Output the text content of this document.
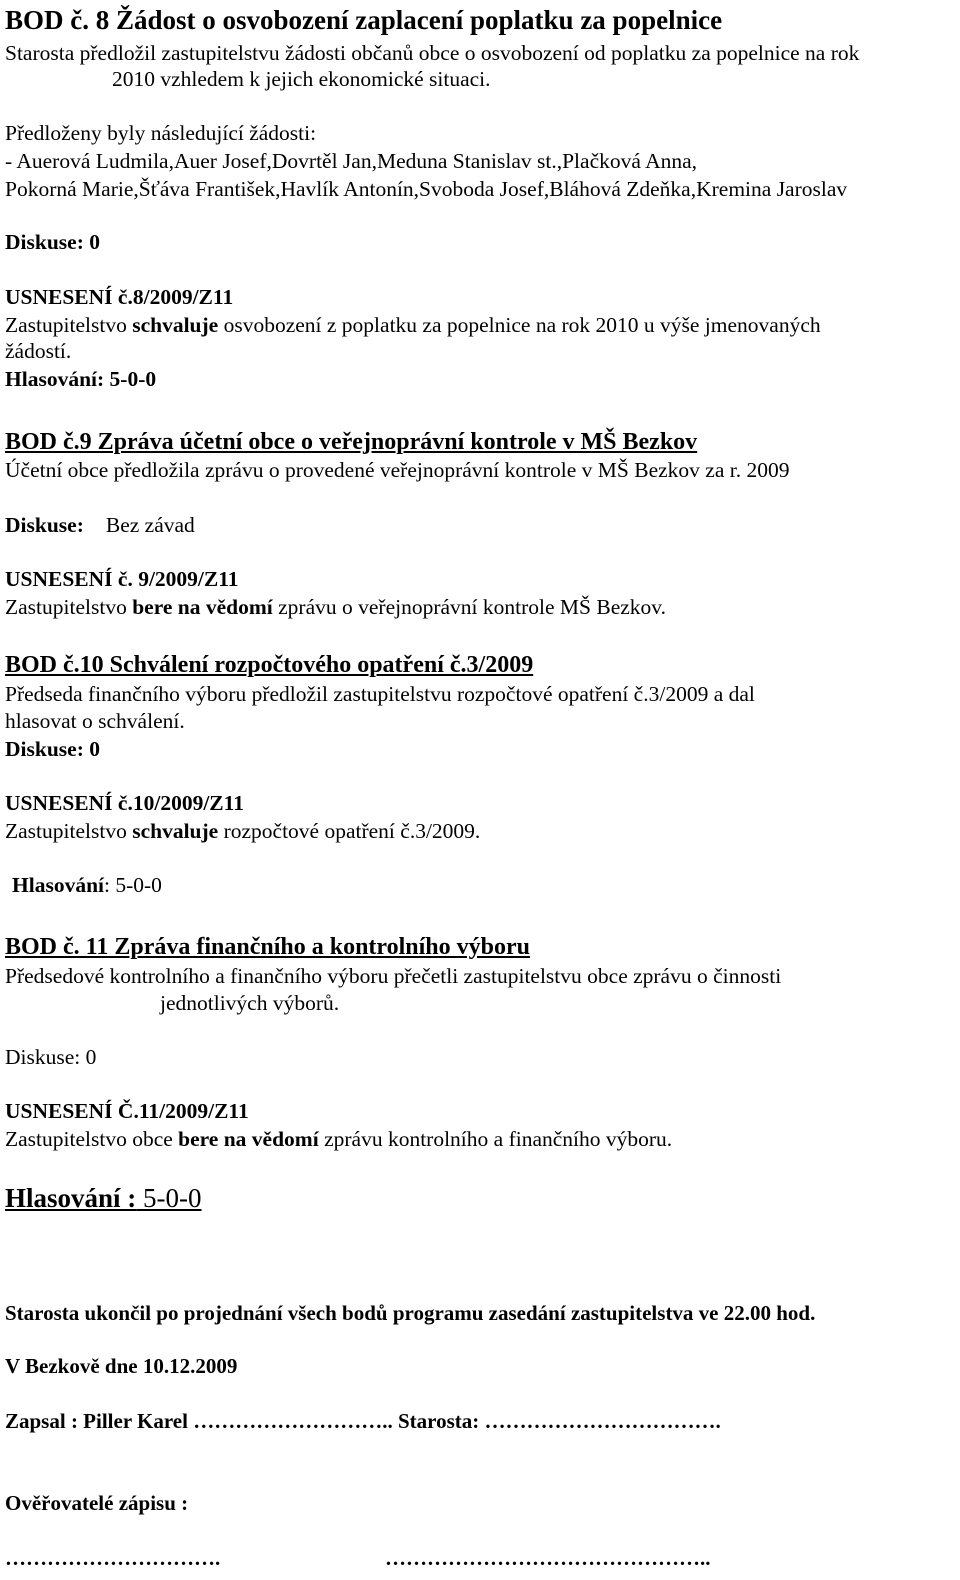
BOD č. 8 Žádost o osvobození zaplacení poplatku za popelnice
Starosta předložil zastupitelstvu žádosti občanů obce o osvobození od poplatku za popelnice na rok
2010 vzhledem k jejich ekonomické situaci.
Předloženy byly následující žádosti:
- Auerová Ludmila,Auer Josef,Dovrtěl Jan,Meduna Stanislav st.,Plačková Anna,
Pokorná Marie,Šťáva František,Havlík Antonín,Svoboda Josef,Bláhová Zdeňka,Kremina Jaroslav
Diskuse: 0
USNESENÍ č.8/2009/Z11
Zastupitelstvo schvaluje osvobození z poplatku za popelnice na rok 2010 u výše jmenovaných
žádostí.
Hlasování: 5-0-0
BOD č.9 Zpráva účetní obce o veřejnoprávní kontrole v MŠ Bezkov
Účetní obce předložila zprávu o provedené veřejnoprávní kontrole v MŠ Bezkov za r. 2009
Diskuse: Bez závad
USNESENÍ č. 9/2009/Z11
Zastupitelstvo bere na vědomí zprávu o veřejnoprávní kontrole MŠ Bezkov.
BOD č.10 Schválení rozpočtového opatření č.3/2009
Předseda finančního výboru předložil zastupitelstvu rozpočtové opatření č.3/2009 a dal
hlasovat o schválení.
Diskuse: 0
USNESENÍ č.10/2009/Z11
Zastupitelstvo schvaluje rozpočtové opatření č.3/2009.
Hlasování: 5-0-0
BOD č. 11 Zpráva finančního a kontrolního výboru
Předsedové kontrolního a finančního výboru přečetli zastupitelstvu obce zprávu o činnosti
jednotlivých výborů.
Diskuse: 0
USNESENÍ Č.11/2009/Z11
Zastupitelstvo obce bere na vědomí zprávu kontrolního a finančního výboru.
Hlasování : 5-0-0
Starosta ukončil po projednání všech bodů programu zasedání zastupitelstva ve 22.00 hod.
V Bezkově dne 10.12.2009
Zapsal : Piller Karel ……………………….. Starosta: …………………………….
Ověřovatelé zápisu :
………………………….	………………………………………..
